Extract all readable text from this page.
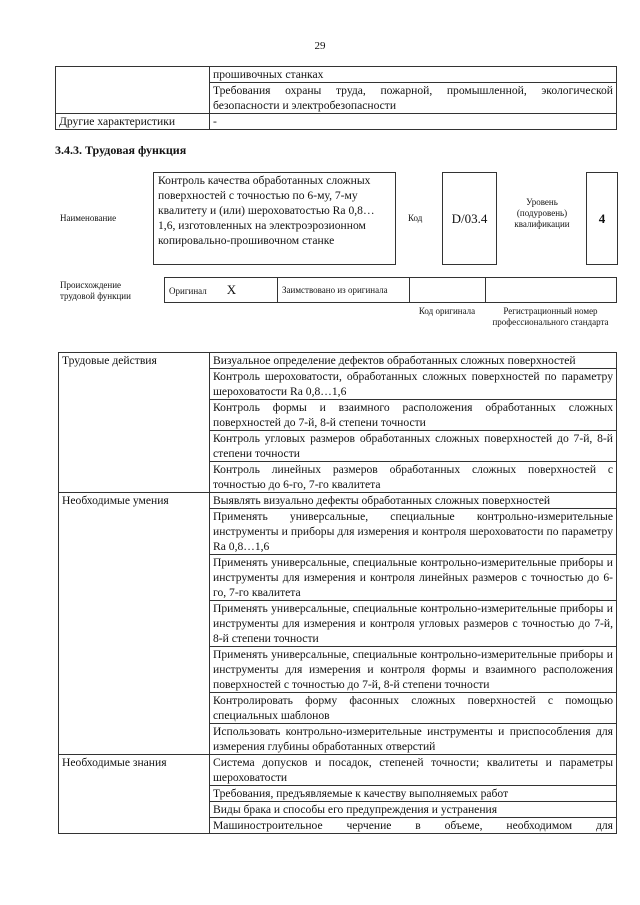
29
	прошивочных станках
	Требования охраны труда, пожарной, промышленной, экологической безопасности и электробезопасности
Другие характеристики	-
3.4.3. Трудовая функция
Наименование
Контроль качества обработанных сложных поверхностей с точностью по 6-му, 7-му квалитету и (или) шероховатостью Ra 0,8…1,6, изготовленных на электроэрозионном копировально-прошивочном станке
Код	D/03.4
Уровень (подуровень) квалификации	4
Происхождение трудовой функции
Оригинал X	Заимствовано из оригинала		
Код оригинала	Регистрационный номер профессионального стандарта
Трудовые действия	Визуальное определение дефектов обработанных сложных поверхностей
	Контроль шероховатости, обработанных сложных поверхностей по параметру шероховатости Ra 0,8…1,6
	Контроль формы и взаимного расположения обработанных сложных поверхностей до 7-й, 8-й степени точности
	Контроль угловых размеров обработанных сложных поверхностей до 7-й, 8-й степени точности
	Контроль линейных размеров обработанных сложных поверхностей с точностью до 6-го, 7-го квалитета
Необходимые умения	Выявлять визуально дефекты обработанных сложных поверхностей
	Применять универсальные, специальные контрольно-измерительные инструменты и приборы для измерения и контроля шероховатости по параметру Ra 0,8…1,6
	Применять универсальные, специальные контрольно-измерительные приборы и инструменты для измерения и контроля линейных размеров с точностью до 6-го, 7-го квалитета
	Применять универсальные, специальные контрольно-измерительные приборы и инструменты для измерения и контроля угловых размеров с точностью до 7-й, 8-й степени точности
	Применять универсальные, специальные контрольно-измерительные приборы и инструменты для измерения и контроля формы и взаимного расположения поверхностей с точностью до 7-й, 8-й степени точности
	Контролировать форму фасонных сложных поверхностей с помощью специальных шаблонов
	Использовать контрольно-измерительные инструменты и приспособления для измерения глубины обработанных отверстий
Необходимые знания	Система допусков и посадок, степеней точности; квалитеты и параметры шероховатости
	Требования, предъявляемые к качеству выполняемых работ
	Виды брака и способы его предупреждения и устранения
	Машиностроительное черчение в объеме, необходимом для
